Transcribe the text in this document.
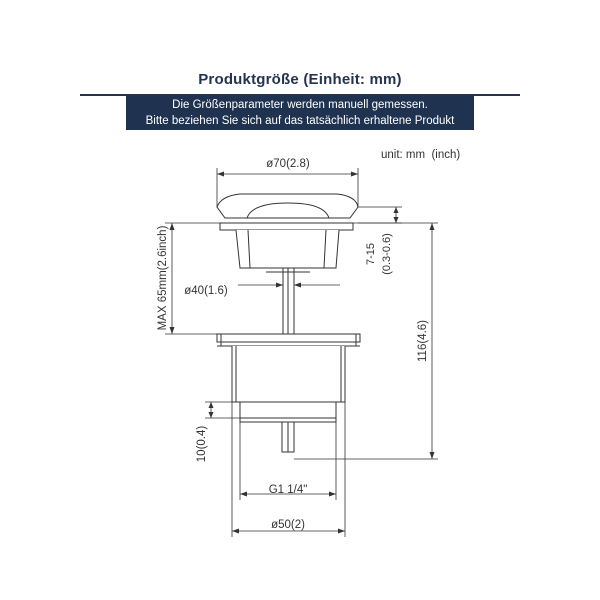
Produktgröße (Einheit: mm)
Die Größenparameter werden manuell gemessen.
Bitte beziehen Sie sich auf das tatsächlich erhaltene Produkt
unit: mm  (inch)
ø70(2.8)
MAX 65mm(2.6inch) ø40(1.6)
7-15 (0.3-0.6)
116(4.6)
10(0.4)
G1 1/4"
ø50(2)
